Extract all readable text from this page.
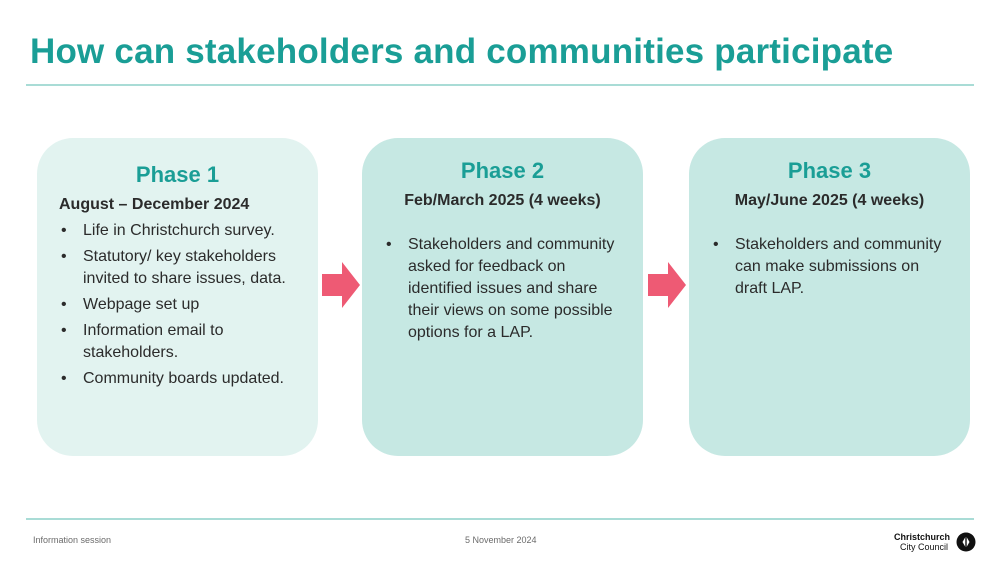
How can stakeholders and communities participate
Phase 1
August – December 2024
• Life in Christchurch survey.
• Statutory/ key stakeholders invited to share issues, data.
• Webpage set up
• Information email to stakeholders.
• Community boards updated.
Phase 2
Feb/March 2025 (4 weeks)
• Stakeholders and community asked for feedback on identified issues and share their views on some possible options for a LAP.
Phase 3
May/June 2025 (4 weeks)
• Stakeholders and community can make submissions on draft LAP.
Information session	5 November 2024	Christchurch
City Council
